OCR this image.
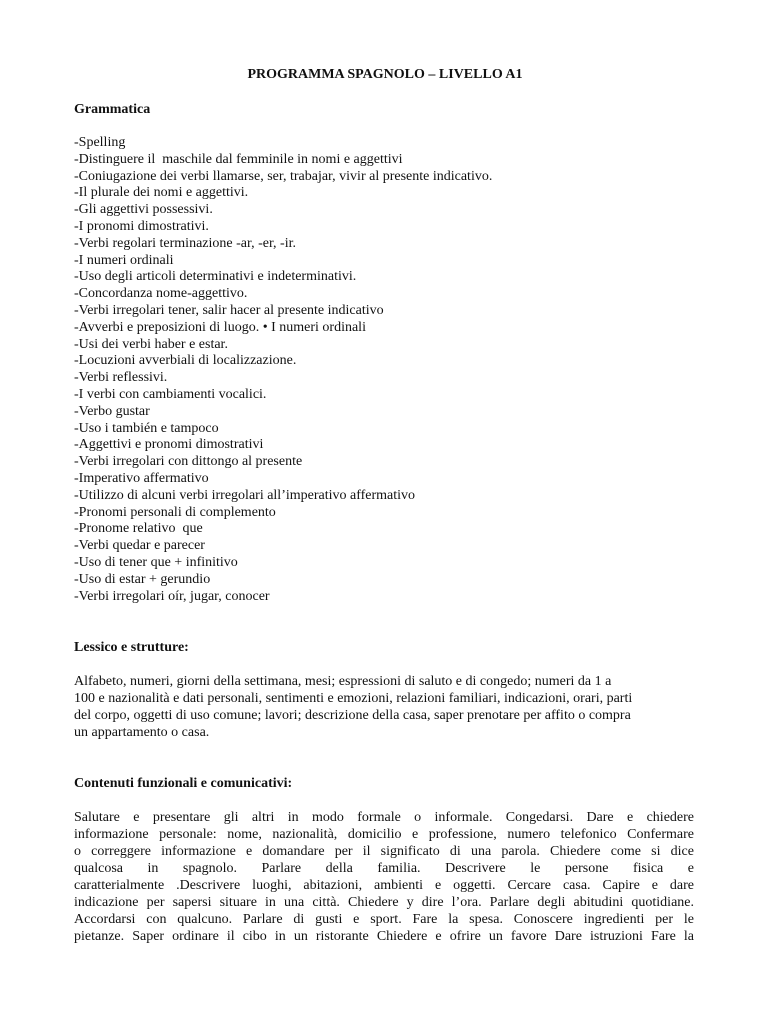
PROGRAMMA SPAGNOLO – LIVELLO A1
Grammatica
-Spelling
-Distinguere il  maschile dal femminile in nomi e aggettivi
-Coniugazione dei verbi llamarse, ser, trabajar, vivir al presente indicativo.
-Il plurale dei nomi e aggettivi.
-Gli aggettivi possessivi.
-I pronomi dimostrativi.
-Verbi regolari terminazione -ar, -er, -ir.
-I numeri ordinali
-Uso degli articoli determinativi e indeterminativi.
-Concordanza nome-aggettivo.
-Verbi irregolari tener, salir hacer al presente indicativo
-Avverbi e preposizioni di luogo. • I numeri ordinali
-Usi dei verbi haber e estar.
-Locuzioni avverbiali di localizzazione.
-Verbi reflessivi.
-I verbi con cambiamenti vocalici.
-Verbo gustar
-Uso i también e tampoco
-Aggettivi e pronomi dimostrativi
-Verbi irregolari con dittongo al presente
-Imperativo affermativo
-Utilizzo di alcuni verbi irregolari all’imperativo affermativo
-Pronomi personali di complemento
-Pronome relativo  que
-Verbi quedar e parecer
-Uso di tener que + infinitivo
-Uso di estar + gerundio
-Verbi irregolari oír, jugar, conocer
Lessico e strutture:
Alfabeto, numeri, giorni della settimana, mesi; espressioni di saluto e di congedo; numeri da 1 a
100 e nazionalità e dati personali, sentimenti e emozioni, relazioni familiari, indicazioni, orari, parti
del corpo, oggetti di uso comune; lavori; descrizione della casa, saper prenotare per affito o compra
un appartamento o casa.
Contenuti funzionali e comunicativi:
Salutare e presentare gli altri in modo formale o informale. Congedarsi. Dare e chiedere
informazione personale: nome, nazionalità, domicilio e professione, numero telefonico Confermare
o correggere informazione e domandare per il significato di una parola. Chiedere come si dice
qualcosa in spagnolo. Parlare della familia. Descrivere le persone fisica e
caratterialmente .Descrivere luoghi, abitazioni, ambienti e oggetti. Cercare casa. Capire e dare
indicazione per sapersi situare in una città. Chiedere y dire l’ora. Parlare degli abitudini quotidiane.
Accordarsi con qualcuno. Parlare di gusti e sport. Fare la spesa. Conoscere ingredienti per le
pietanze. Saper ordinare il cibo in un ristorante Chiedere e ofrire un favore Dare istruzioni Fare la
